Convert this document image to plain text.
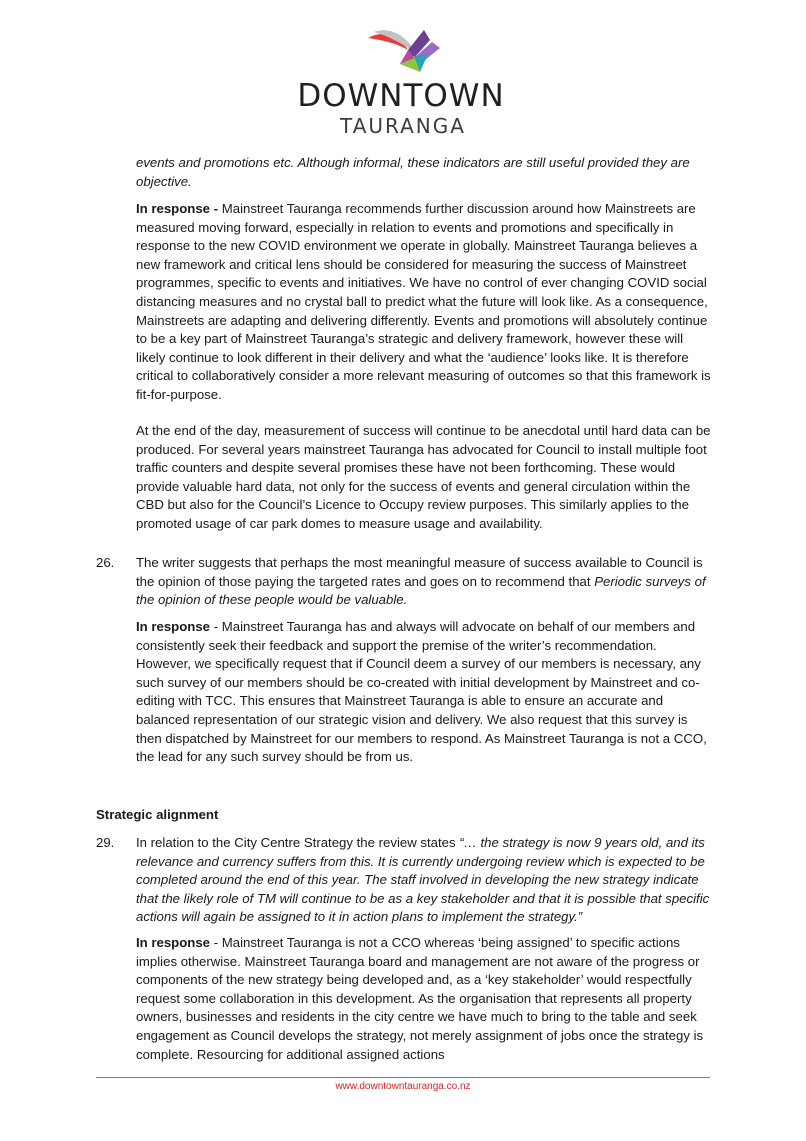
DOWNTOWN
TAURANGA

events and promotions etc. Although informal, these indicators are still useful provided they are objective.

In response - Mainstreet Tauranga recommends further discussion around how Mainstreets are measured moving forward, especially in relation to events and promotions and specifically in response to the new COVID environment we operate in globally. Mainstreet Tauranga believes a new framework and critical lens should be considered for measuring the success of Mainstreet programmes, specific to events and initiatives. We have no control of ever changing COVID social distancing measures and no crystal ball to predict what the future will look like. As a consequence, Mainstreets are adapting and delivering differently. Events and promotions will absolutely continue to be a key part of Mainstreet Tauranga’s strategic and delivery framework, however these will likely continue to look different in their delivery and what the ‘audience’ looks like. It is therefore critical to collaboratively consider a more relevant measuring of outcomes so that this framework is fit-for-purpose.

At the end of the day, measurement of success will continue to be anecdotal until hard data can be produced. For several years mainstreet Tauranga has advocated for Council to install multiple foot traffic counters and despite several promises these have not been forthcoming. These would provide valuable hard data, not only for the success of events and general circulation within the CBD but also for the Council’s Licence to Occupy review purposes. This similarly applies to the promoted usage of car park domes to measure usage and availability.

26. The writer suggests that perhaps the most meaningful measure of success available to Council is the opinion of those paying the targeted rates and goes on to recommend that Periodic surveys of the opinion of these people would be valuable.

In response - Mainstreet Tauranga has and always will advocate on behalf of our members and consistently seek their feedback and support the premise of the writer’s recommendation. However, we specifically request that if Council deem a survey of our members is necessary, any such survey of our members should be co-created with initial development by Mainstreet and co-editing with TCC. This ensures that Mainstreet Tauranga is able to ensure an accurate and balanced representation of our strategic vision and delivery. We also request that this survey is then dispatched by Mainstreet for our members to respond. As Mainstreet Tauranga is not a CCO, the lead for any such survey should be from us.

Strategic alignment

29. In relation to the City Centre Strategy the review states “… the strategy is now 9 years old, and its relevance and currency suffers from this. It is currently undergoing review which is expected to be completed around the end of this year. The staff involved in developing the new strategy indicate that the likely role of TM will continue to be as a key stakeholder and that it is possible that specific actions will again be assigned to it in action plans to implement the strategy.”

In response - Mainstreet Tauranga is not a CCO whereas ‘being assigned’ to specific actions implies otherwise. Mainstreet Tauranga board and management are not aware of the progress or components of the new strategy being developed and, as a ‘key stakeholder’ would respectfully request some collaboration in this development. As the organisation that represents all property owners, businesses and residents in the city centre we have much to bring to the table and seek engagement as Council develops the strategy, not merely assignment of jobs once the strategy is complete. Resourcing for additional assigned actions

www.downtowntauranga.co.nz
